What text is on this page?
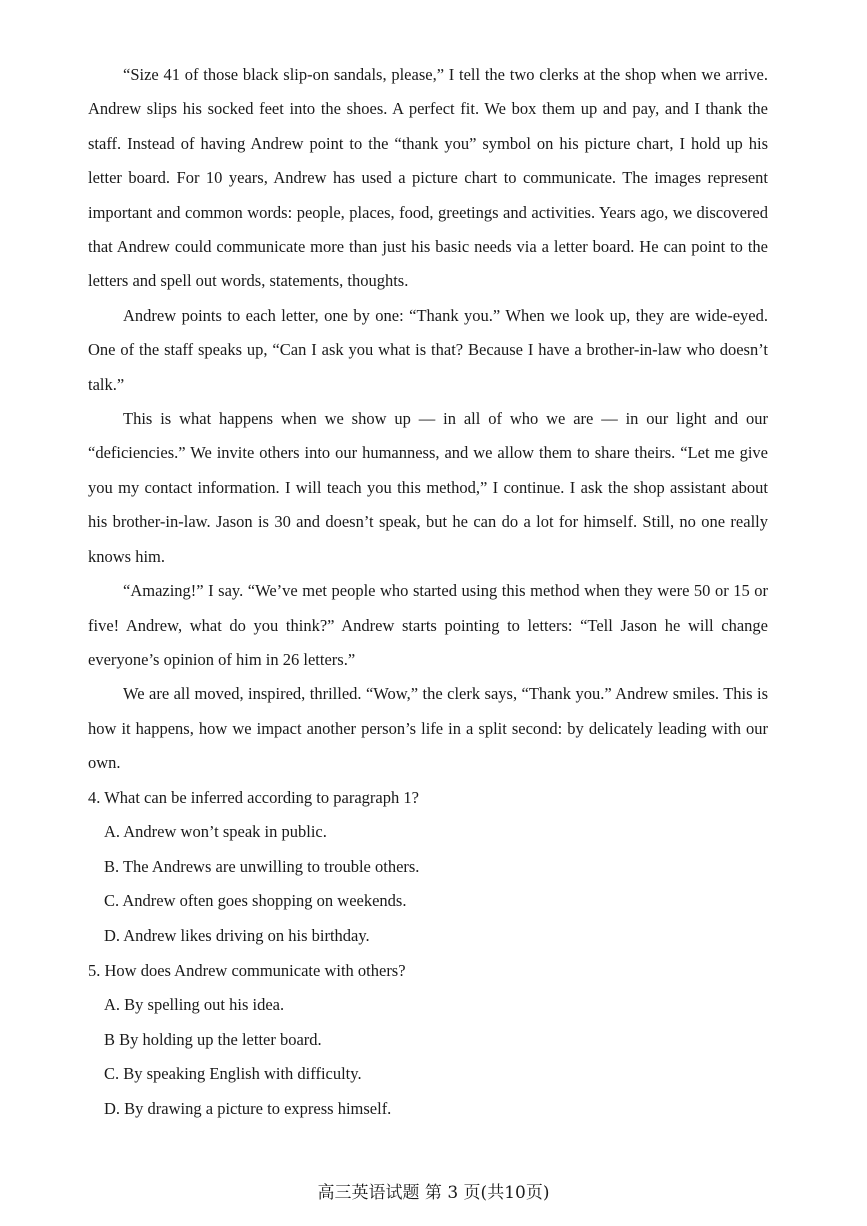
“Size 41 of those black slip-on sandals, please,” I tell the two clerks at the shop when we arrive. Andrew slips his socked feet into the shoes. A perfect fit. We box them up and pay, and I thank the staff. Instead of having Andrew point to the “thank you” symbol on his picture chart, I hold up his letter board. For 10 years, Andrew has used a picture chart to communicate. The images represent important and common words: people, places, food, greetings and activities. Years ago, we discovered that Andrew could communicate more than just his basic needs via a letter board. He can point to the letters and spell out words, statements, thoughts.

Andrew points to each letter, one by one: “Thank you.” When we look up, they are wide-eyed. One of the staff speaks up, “Can I ask you what is that? Because I have a brother-in-law who doesn’t talk.”

This is what happens when we show up — in all of who we are — in our light and our “deficiencies.” We invite others into our humanness, and we allow them to share theirs. “Let me give you my contact information. I will teach you this method,” I continue. I ask the shop assistant about his brother-in-law. Jason is 30 and doesn’t speak, but he can do a lot for himself. Still, no one really knows him.

“Amazing!” I say. “We’ve met people who started using this method when they were 50 or 15 or five! Andrew, what do you think?” Andrew starts pointing to letters: “Tell Jason he will change everyone’s opinion of him in 26 letters.”

We are all moved, inspired, thrilled. “Wow,” the clerk says, “Thank you.” Andrew smiles. This is how it happens, how we impact another person’s life in a split second: by delicately leading with our own.

4. What can be inferred according to paragraph 1?

A. Andrew won’t speak in public.

B. The Andrews are unwilling to trouble others.

C. Andrew often goes shopping on weekends.

D. Andrew likes driving on his birthday.

5. How does Andrew communicate with others?

A. By spelling out his idea.

B By holding up the letter board.

C. By speaking English with difficulty.

D. By drawing a picture to express himself.

高三英语试题 第 3 页(共10页)
